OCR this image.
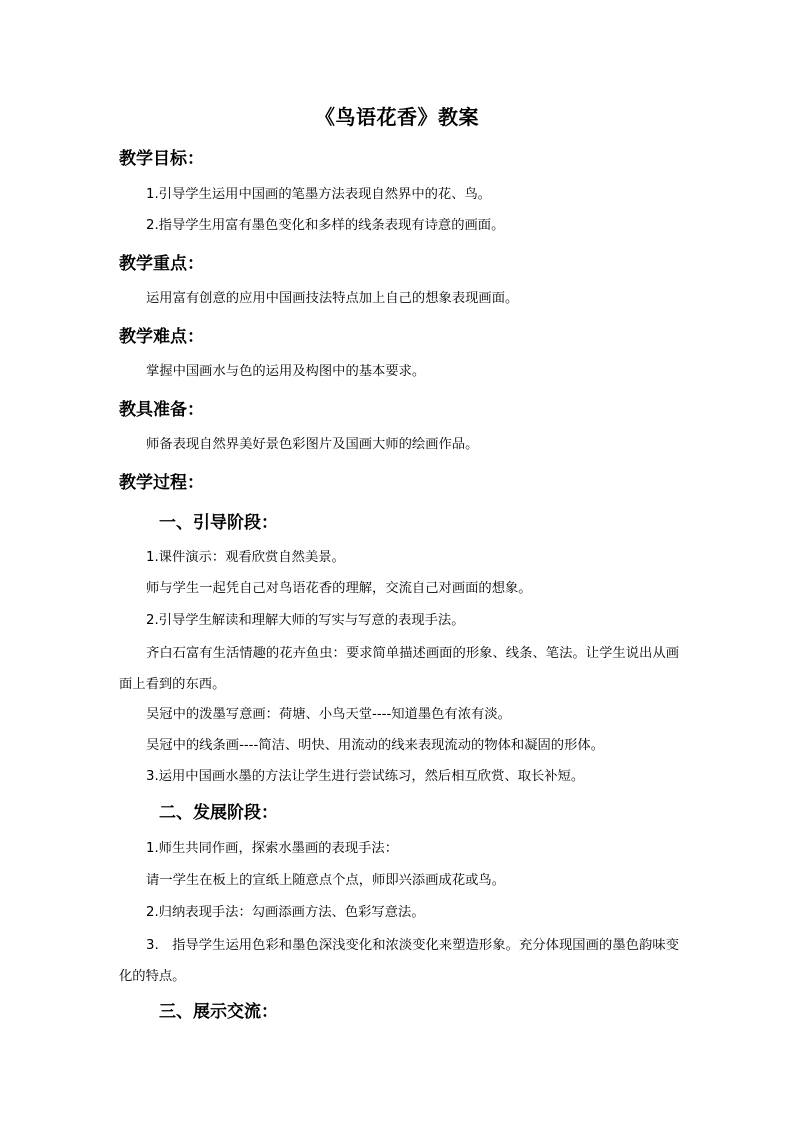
《鸟语花香》教案
教学目标：
1.引导学生运用中国画的笔墨方法表现自然界中的花、鸟。
2.指导学生用富有墨色变化和多样的线条表现有诗意的画面。
教学重点：
运用富有创意的应用中国画技法特点加上自己的想象表现画面。
教学难点：
掌握中国画水与色的运用及构图中的基本要求。
教具准备：
师备表现自然界美好景色彩图片及国画大师的绘画作品。
教学过程：
一、引导阶段：
1.课件演示：观看欣赏自然美景。
师与学生一起凭自己对鸟语花香的理解，交流自己对画面的想象。
2.引导学生解读和理解大师的写实与写意的表现手法。
齐白石富有生活情趣的花卉鱼虫：要求简单描述画面的形象、线条、笔法。让学生说出从画面上看到的东西。
吴冠中的泼墨写意画：荷塘、小鸟天堂----知道墨色有浓有淡。
吴冠中的线条画----简洁、明快、用流动的线来表现流动的物体和凝固的形体。
3.运用中国画水墨的方法让学生进行尝试练习，然后相互欣赏、取长补短。
二、发展阶段：
1.师生共同作画，探索水墨画的表现手法：
请一学生在板上的宣纸上随意点个点，师即兴添画成花或鸟。
2.归纳表现手法：勾画添画方法、色彩写意法。
3.　指导学生运用色彩和墨色深浅变化和浓淡变化来塑造形象。充分体现国画的墨色韵味变化的特点。
三、展示交流：
